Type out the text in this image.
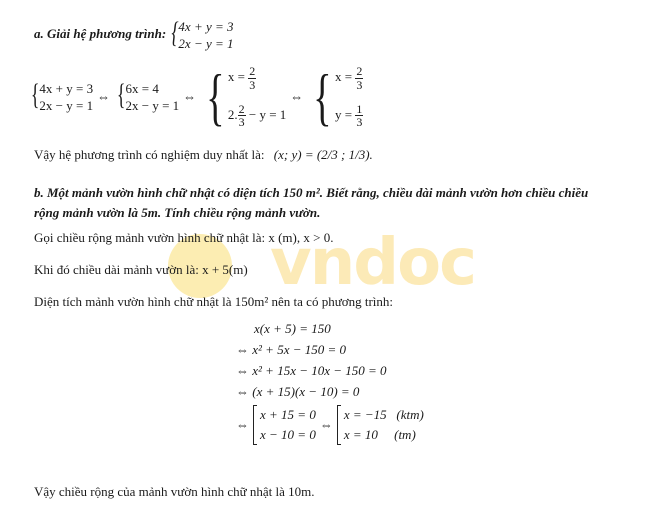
vndoc
a. Giải hệ phương trình: { 4x + y = 3
2x − y = 1
{ 4x + y = 3
2x − y = 1
⇔ { 6x = 4
2x − y = 1
⇔ { $x = \frac{2}{3}$
2. $\frac{2}{3} - y = 1$
⇔ { $x = \frac{2}{3}$
$y = \frac{1}{3}$
Vậy hệ phương trình có nghiệm duy nhất là: (x; y) = (2/3 ; 1/3).
b. Một mảnh vườn hình chữ nhật có diện tích 150 m². Biết rằng, chiều dài mảnh vườn hơn chiều chiều
rộng mảnh vườn là 5m. Tính chiều rộng mảnh vườn.
Gọi chiều rộng mảnh vườn hình chữ nhật là: x (m), x > 0.
Khi đó chiều dài mảnh vườn là: x + 5(m)
Diện tích mảnh vườn hình chữ nhật là 150m² nên ta có phương trình:
x(x + 5) = 150
⇔ x² + 5x − 150 = 0
⇔ x² + 15x − 10x − 150 = 0
⇔ (x + 15)(x − 10) = 0
⇔
x + 15 = 0
x − 10 = 0
⇔
x = −15   (ktm)
x = 10     (tm)
Vậy chiều rộng của mảnh vườn hình chữ nhật là 10m.
